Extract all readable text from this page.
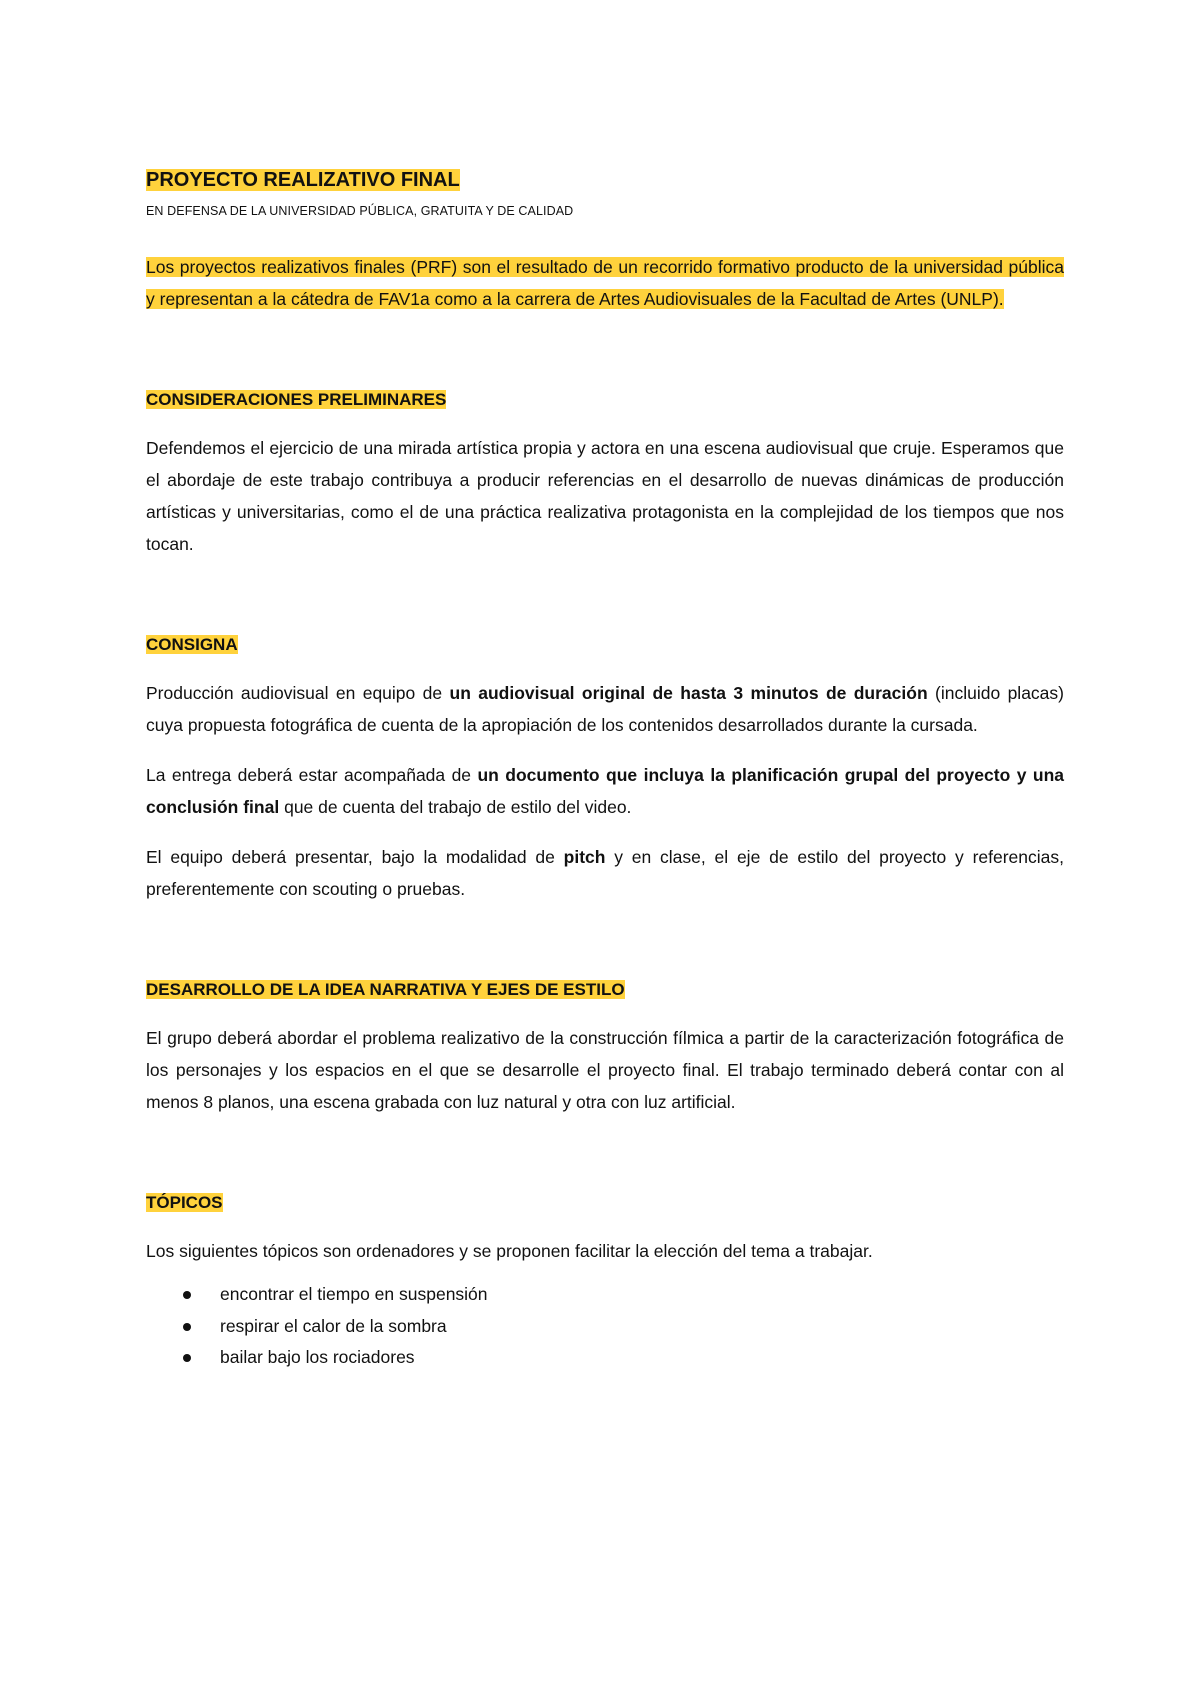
PROYECTO REALIZATIVO FINAL

EN DEFENSA DE LA UNIVERSIDAD PÚBLICA, GRATUITA Y DE CALIDAD

Los proyectos realizativos finales (PRF) son el resultado de un recorrido formativo producto de la universidad pública y representan a la cátedra de FAV1a como a la carrera de Artes Audiovisuales de la Facultad de Artes (UNLP).

CONSIDERACIONES PRELIMINARES

Defendemos el ejercicio de una mirada artística propia y actora en una escena audiovisual que cruje. Esperamos que el abordaje de este trabajo contribuya a producir referencias en el desarrollo de nuevas dinámicas de producción artísticas y universitarias, como el de una práctica realizativa protagonista en la complejidad de los tiempos que nos tocan.

CONSIGNA

Producción audiovisual en equipo de un audiovisual original de hasta 3 minutos de duración (incluido placas) cuya propuesta fotográfica de cuenta de la apropiación de los contenidos desarrollados durante la cursada.

La entrega deberá estar acompañada de un documento que incluya la planificación grupal del proyecto y una conclusión final que de cuenta del trabajo de estilo del video.

El equipo deberá presentar, bajo la modalidad de pitch y en clase, el eje de estilo del proyecto y referencias, preferentemente con scouting o pruebas.

DESARROLLO DE LA IDEA NARRATIVA Y EJES DE ESTILO

El grupo deberá abordar el problema realizativo de la construcción fílmica a partir de la caracterización fotográfica de los personajes y los espacios en el que se desarrolle el proyecto final. El trabajo terminado deberá contar con al menos 8 planos, una escena grabada con luz natural y otra con luz artificial.

TÓPICOS

Los siguientes tópicos son ordenadores y se proponen facilitar la elección del tema a trabajar.

encontrar el tiempo en suspensión
respirar el calor de la sombra
bailar bajo los rociadores
